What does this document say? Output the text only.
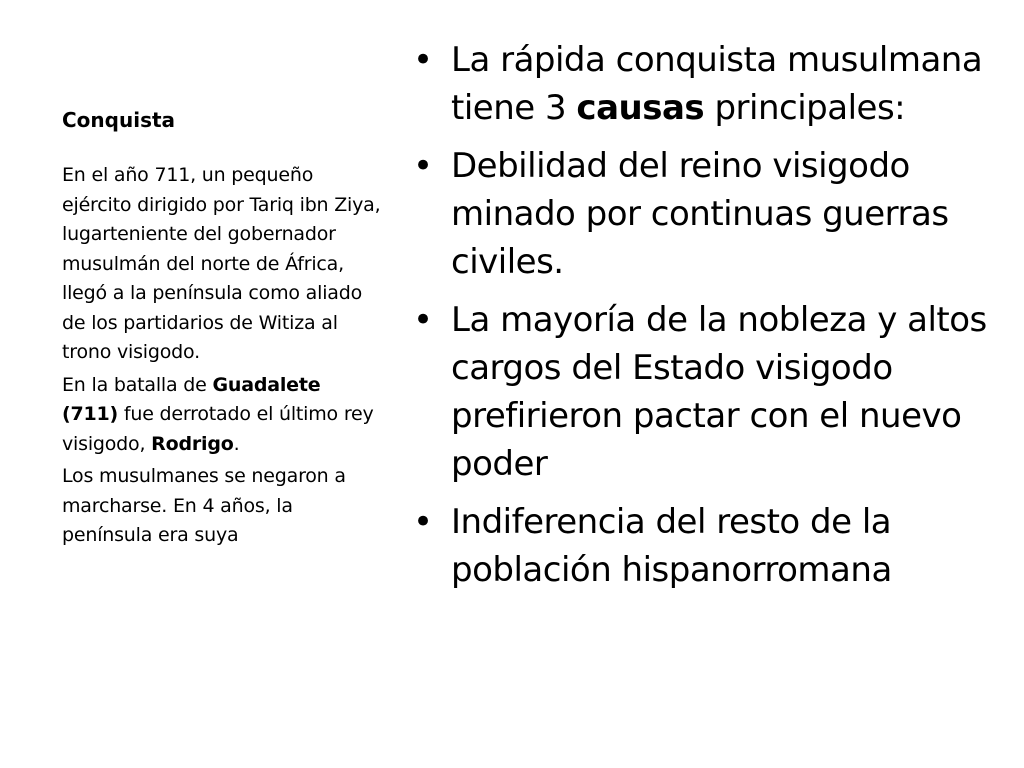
Conquista

En el año 711, un pequeño ejército dirigido por Tariq ibn Ziya, lugarteniente del gobernador musulmán del norte de África, llegó a la península como aliado de los partidarios de Witiza al trono visigodo.

En la batalla de Guadalete (711) fue derrotado el último rey visigodo, Rodrigo.

Los musulmanes se negaron a marcharse. En 4 años, la península era suya

• La rápida conquista musulmana tiene 3 causas principales:
• Debilidad del reino visigodo minado por continuas guerras civiles.
• La mayoría de la nobleza y altos cargos del Estado visigodo prefirieron pactar con el nuevo poder
• Indiferencia del resto de la población hispanorromana
